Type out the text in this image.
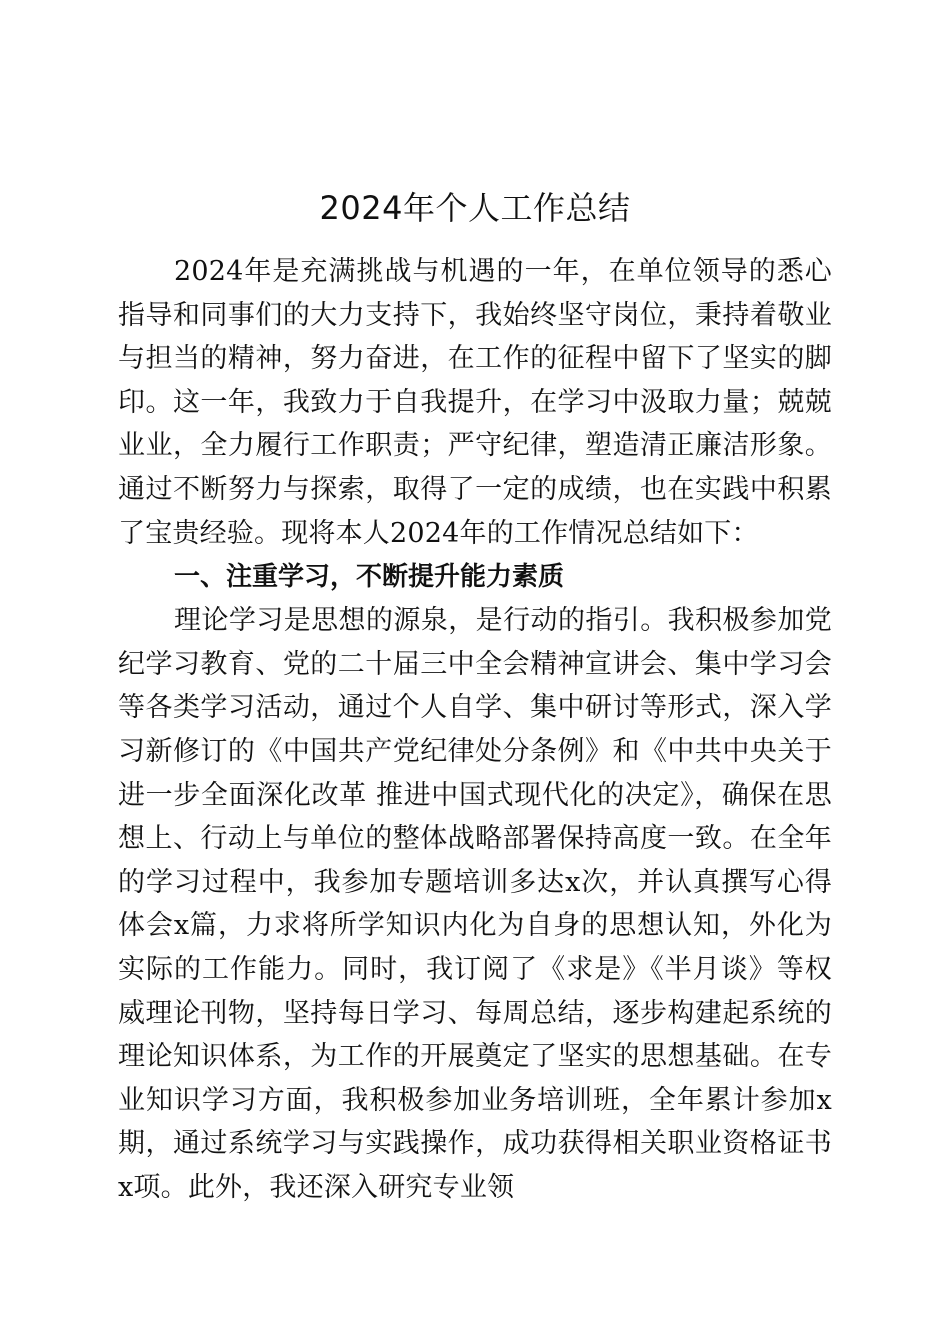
2024年个人工作总结

2024年是充满挑战与机遇的一年，在单位领导的悉心指导和同事们的大力支持下，我始终坚守岗位，秉持着敬业与担当的精神，努力奋进，在工作的征程中留下了坚实的脚印。这一年，我致力于自我提升，在学习中汲取力量；兢兢业业，全力履行工作职责；严守纪律，塑造清正廉洁形象。通过不断努力与探索，取得了一定的成绩，也在实践中积累了宝贵经验。现将本人2024年的工作情况总结如下：

一、注重学习，不断提升能力素质

理论学习是思想的源泉，是行动的指引。我积极参加党纪学习教育、党的二十届三中全会精神宣讲会、集中学习会等各类学习活动，通过个人自学、集中研讨等形式，深入学习新修订的《中国共产党纪律处分条例》和《中共中央关于进一步全面深化改革 推进中国式现代化的决定》，确保在思想上、行动上与单位的整体战略部署保持高度一致。在全年的学习过程中，我参加专题培训多达x次，并认真撰写心得体会x篇，力求将所学知识内化为自身的思想认知，外化为实际的工作能力。同时，我订阅了《求是》《半月谈》等权威理论刊物，坚持每日学习、每周总结，逐步构建起系统的理论知识体系，为工作的开展奠定了坚实的思想基础。在专业知识学习方面，我积极参加业务培训班，全年累计参加x期，通过系统学习与实践操作，成功获得相关职业资格证书x项。此外，我还深入研究专业领
